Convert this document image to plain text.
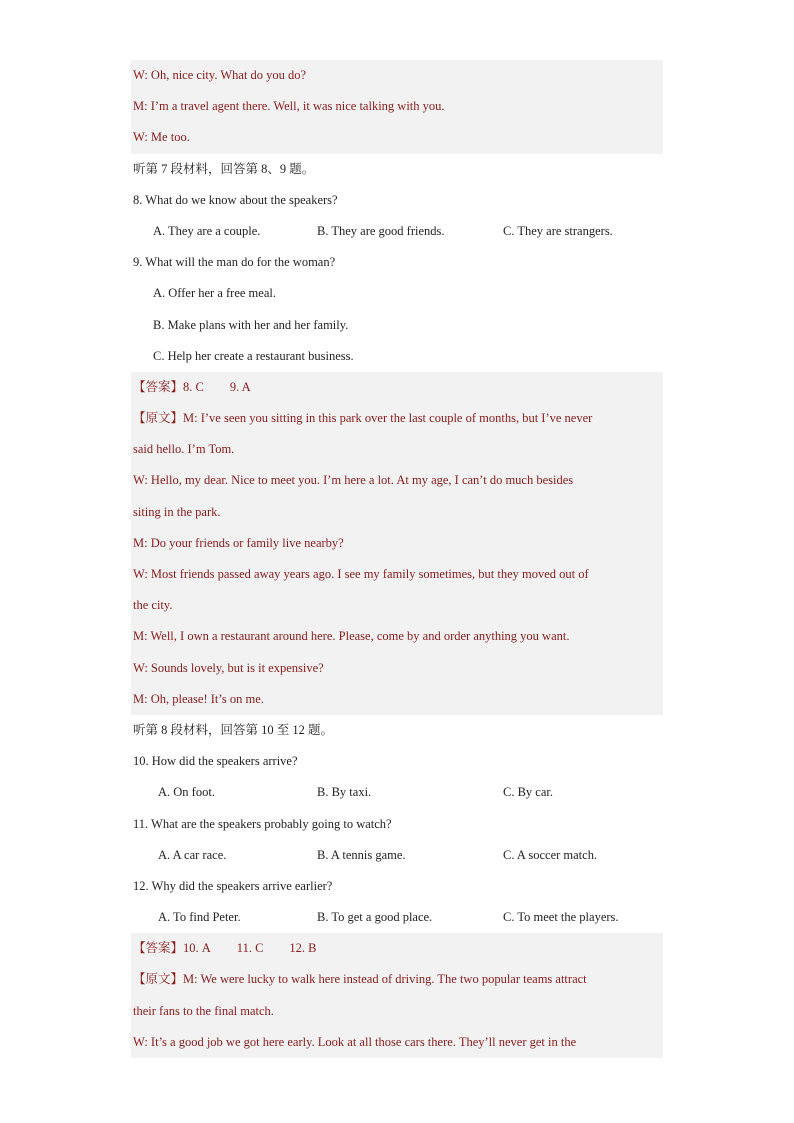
W: Oh, nice city. What do you do?
M: I’m a travel agent there. Well, it was nice talking with you.
W: Me too.
听第 7 段材料，回答第 8、9 题。
8. What do we know about the speakers?
A. They are a couple.	B. They are good friends.	C. They are strangers.
9. What will the man do for the woman?
A. Offer her a free meal.
B. Make plans with her and her family.
C. Help her create a restaurant business.
【答案】8. C 9. A
【原文】M: I’ve seen you sitting in this park over the last couple of months, but I’ve never
said hello. I’m Tom.
W: Hello, my dear. Nice to meet you. I’m here a lot. At my age, I can’t do much besides
siting in the park.
M: Do your friends or family live nearby?
W: Most friends passed away years ago. I see my family sometimes, but they moved out of
the city.
M: Well, I own a restaurant around here. Please, come by and order anything you want.
W: Sounds lovely, but is it expensive?
M: Oh, please! It’s on me.
听第 8 段材料，回答第 10 至 12 题。
10. How did the speakers arrive?
A. On foot.	B. By taxi.	C. By car.
11. What are the speakers probably going to watch?
A. A car race.	B. A tennis game.	C. A soccer match.
12. Why did the speakers arrive earlier?
A. To find Peter.	B. To get a good place.	C. To meet the players.
【答案】10. A 11. C 12. B
【原文】M: We were lucky to walk here instead of driving. The two popular teams attract
their fans to the final match.
W: It’s a good job we got here early. Look at all those cars there. They’ll never get in the
